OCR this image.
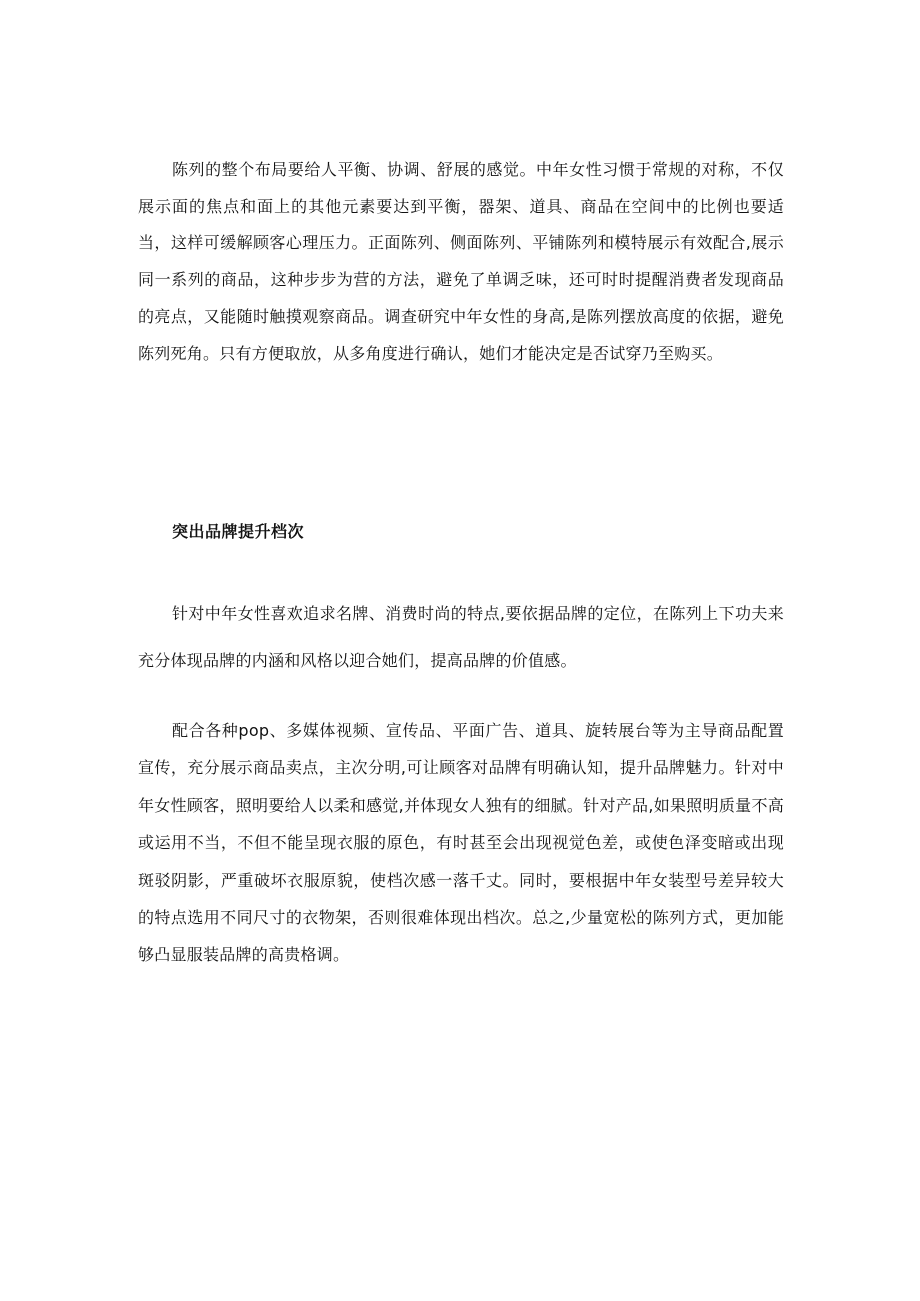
陈列的整个布局要给人平衡、协调、舒展的感觉。中年女性习惯于常规的对称，不仅展示面的焦点和面上的其他元素要达到平衡，器架、道具、商品在空间中的比例也要适当，这样可缓解顾客心理压力。正面陈列、侧面陈列、平铺陈列和模特展示有效配合,展示同一系列的商品，这种步步为营的方法，避免了单调乏味，还可时时提醒消费者发现商品的亮点，又能随时触摸观察商品。调查研究中年女性的身高,是陈列摆放高度的依据，避免陈列死角。只有方便取放，从多角度进行确认，她们才能决定是否试穿乃至购买。

突出品牌提升档次

针对中年女性喜欢追求名牌、消费时尚的特点,要依据品牌的定位，在陈列上下功夫来充分体现品牌的内涵和风格以迎合她们，提高品牌的价值感。

配合各种pop、多媒体视频、宣传品、平面广告、道具、旋转展台等为主导商品配置宣传，充分展示商品卖点，主次分明,可让顾客对品牌有明确认知，提升品牌魅力。针对中年女性顾客，照明要给人以柔和感觉,并体现女人独有的细腻。针对产品,如果照明质量不高或运用不当，不但不能呈现衣服的原色，有时甚至会出现视觉色差，或使色泽变暗或出现斑驳阴影，严重破坏衣服原貌，使档次感一落千丈。同时，要根据中年女装型号差异较大的特点选用不同尺寸的衣物架，否则很难体现出档次。总之,少量宽松的陈列方式，更加能够凸显服装品牌的高贵格调。
